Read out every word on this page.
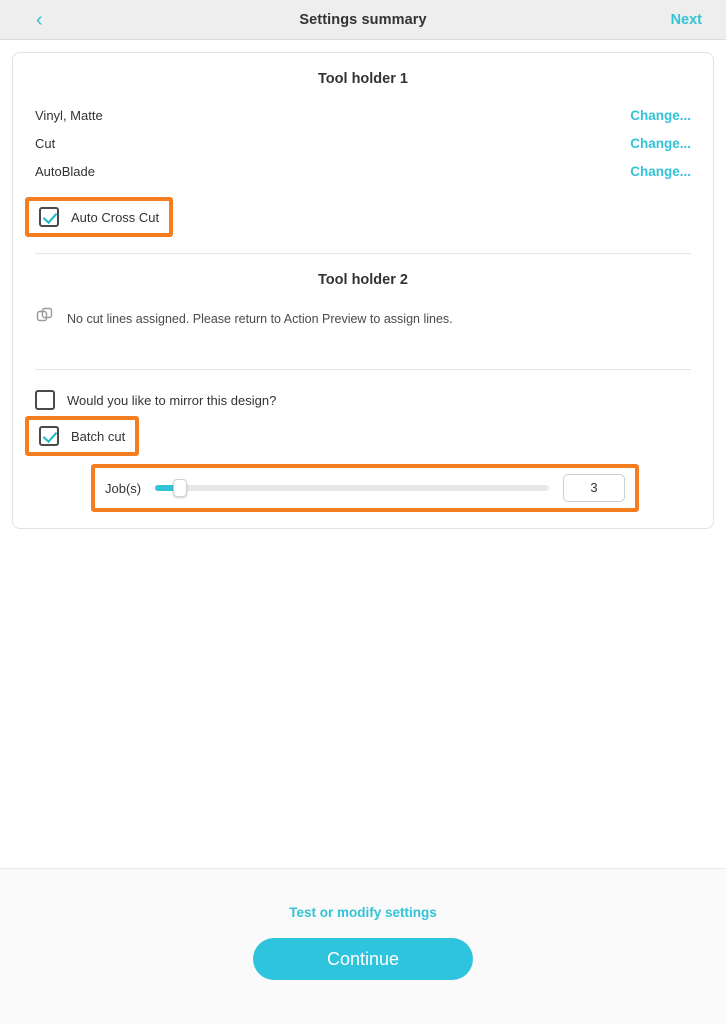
‹	Settings summary	Next
Tool holder 1
Vinyl, Matte	Change...
Cut	Change...
AutoBlade	Change...
Auto Cross Cut
Tool holder 2
No cut lines assigned. Please return to Action Preview to assign lines.
Would you like to mirror this design?
Batch cut
Job(s)	3
Test or modify settings
Continue
